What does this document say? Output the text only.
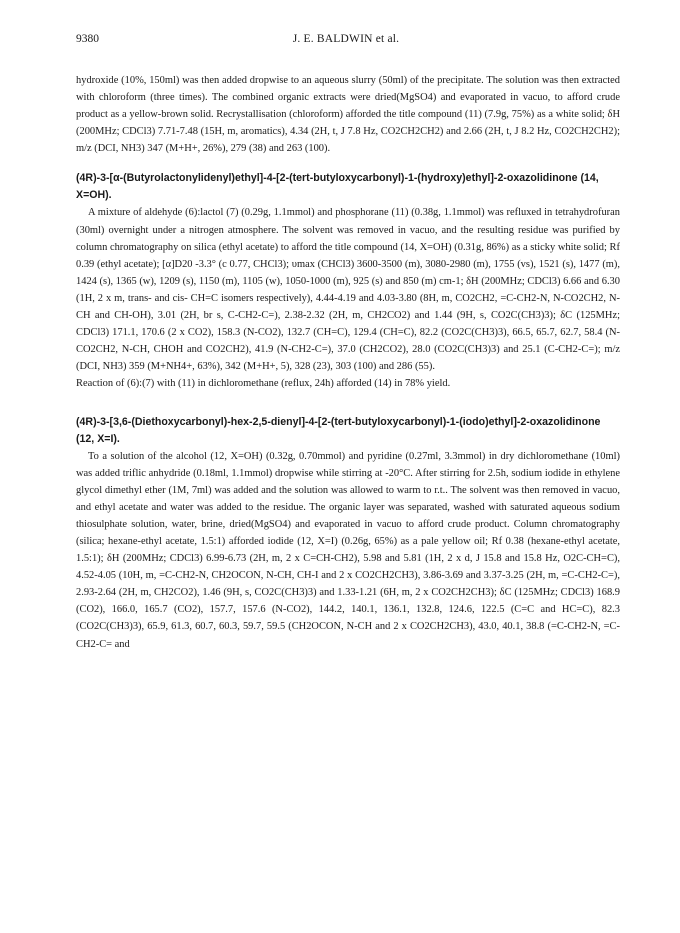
9380	J. E. BALDWIN et al.

hydroxide (10%, 150ml) was then added dropwise to an aqueous slurry (50ml) of the precipitate. The solution was then extracted with chloroform (three times). The combined organic extracts were dried(MgSO4) and evaporated in vacuo, to afford crude product as a yellow-brown solid. Recrystallisation (chloroform) afforded the title compound (11) (7.9g, 75%) as a white solid; δH (200MHz; CDCl3) 7.71-7.48 (15H, m, aromatics), 4.34 (2H, t, J 7.8 Hz, CO2CH2CH2) and 2.66 (2H, t, J 8.2 Hz, CO2CH2CH2); m/z (DCI, NH3) 347 (M+H+, 26%), 279 (38) and 263 (100).

(4R)-3-[α-(Butyrolactonylidenyl)ethyl]-4-[2-(tert-butyloxycarbonyl)-1-(hydroxy)ethyl]-2-oxazolidinone (14, X=OH).

A mixture of aldehyde (6):lactol (7) (0.29g, 1.1mmol) and phosphorane (11) (0.38g, 1.1mmol) was refluxed in tetrahydrofuran (30ml) overnight under a nitrogen atmosphere. The solvent was removed in vacuo, and the resulting residue was purified by column chromatography on silica (ethyl acetate) to afford the title compound (14, X=OH) (0.31g, 86%) as a sticky white solid; Rf 0.39 (ethyl acetate); [α]D20 -3.3° (c 0.77, CHCl3); υmax (CHCl3) 3600-3500 (m), 3080-2980 (m), 1755 (vs), 1521 (s), 1477 (m), 1424 (s), 1365 (w), 1209 (s), 1150 (m), 1105 (w), 1050-1000 (m), 925 (s) and 850 (m) cm-1; δH (200MHz; CDCl3) 6.66 and 6.30 (1H, 2 x m, trans- and cis- CH=C isomers respectively), 4.44-4.19 and 4.03-3.80 (8H, m, CO2CH2, =C-CH2-N, N-CO2CH2, N-CH and CH-OH), 3.01 (2H, br s, C-CH2-C=), 2.38-2.32 (2H, m, CH2CO2) and 1.44 (9H, s, CO2C(CH3)3); δC (125MHz; CDCl3) 171.1, 170.6 (2 x CO2), 158.3 (N-CO2), 132.7 (CH=C), 129.4 (CH=C), 82.2 (CO2C(CH3)3), 66.5, 65.7, 62.7, 58.4 (N-CO2CH2, N-CH, CHOH and CO2CH2), 41.9 (N-CH2-C=), 37.0 (CH2CO2), 28.0 (CO2C(CH3)3) and 25.1 (C-CH2-C=); m/z (DCI, NH3) 359 (M+NH4+, 63%), 342 (M+H+, 5), 328 (23), 303 (100) and 286 (55).

Reaction of (6):(7) with (11) in dichloromethane (reflux, 24h) afforded (14) in 78% yield.

(4R)-3-[3,6-(Diethoxycarbonyl)-hex-2,5-dienyl]-4-[2-(tert-butyloxycarbonyl)-1-(iodo)ethyl]-2-oxazolidinone (12, X=I).

To a solution of the alcohol (12, X=OH) (0.32g, 0.70mmol) and pyridine (0.27ml, 3.3mmol) in dry dichloromethane (10ml) was added triflic anhydride (0.18ml, 1.1mmol) dropwise while stirring at -20°C. After stirring for 2.5h, sodium iodide in ethylene glycol dimethyl ether (1M, 7ml) was added and the solution was allowed to warm to r.t.. The solvent was then removed in vacuo, and ethyl acetate and water was added to the residue. The organic layer was separated, washed with saturated aqueous sodium thiosulphate solution, water, brine, dried(MgSO4) and evaporated in vacuo to afford crude product. Column chromatography (silica; hexane-ethyl acetate, 1.5:1) afforded iodide (12, X=I) (0.26g, 65%) as a pale yellow oil; Rf 0.38 (hexane-ethyl acetate, 1.5:1); δH (200MHz; CDCl3) 6.99-6.73 (2H, m, 2 x C=CH-CH2), 5.98 and 5.81 (1H, 2 x d, J 15.8 and 15.8 Hz, O2C-CH=C), 4.52-4.05 (10H, m, =C-CH2-N, CH2OCON, N-CH, CH-I and 2 x CO2CH2CH3), 3.86-3.69 and 3.37-3.25 (2H, m, =C-CH2-C=), 2.93-2.64 (2H, m, CH2CO2), 1.46 (9H, s, CO2C(CH3)3) and 1.33-1.21 (6H, m, 2 x CO2CH2CH3); δC (125MHz; CDCl3) 168.9 (CO2), 166.0, 165.7 (CO2), 157.7, 157.6 (N-CO2), 144.2, 140.1, 136.1, 132.8, 124.6, 122.5 (C=C and HC=C), 82.3 (CO2C(CH3)3), 65.9, 61.3, 60.7, 60.3, 59.7, 59.5 (CH2OCON, N-CH and 2 x CO2CH2CH3), 43.0, 40.1, 38.8 (=C-CH2-N, =C-CH2-C= and
